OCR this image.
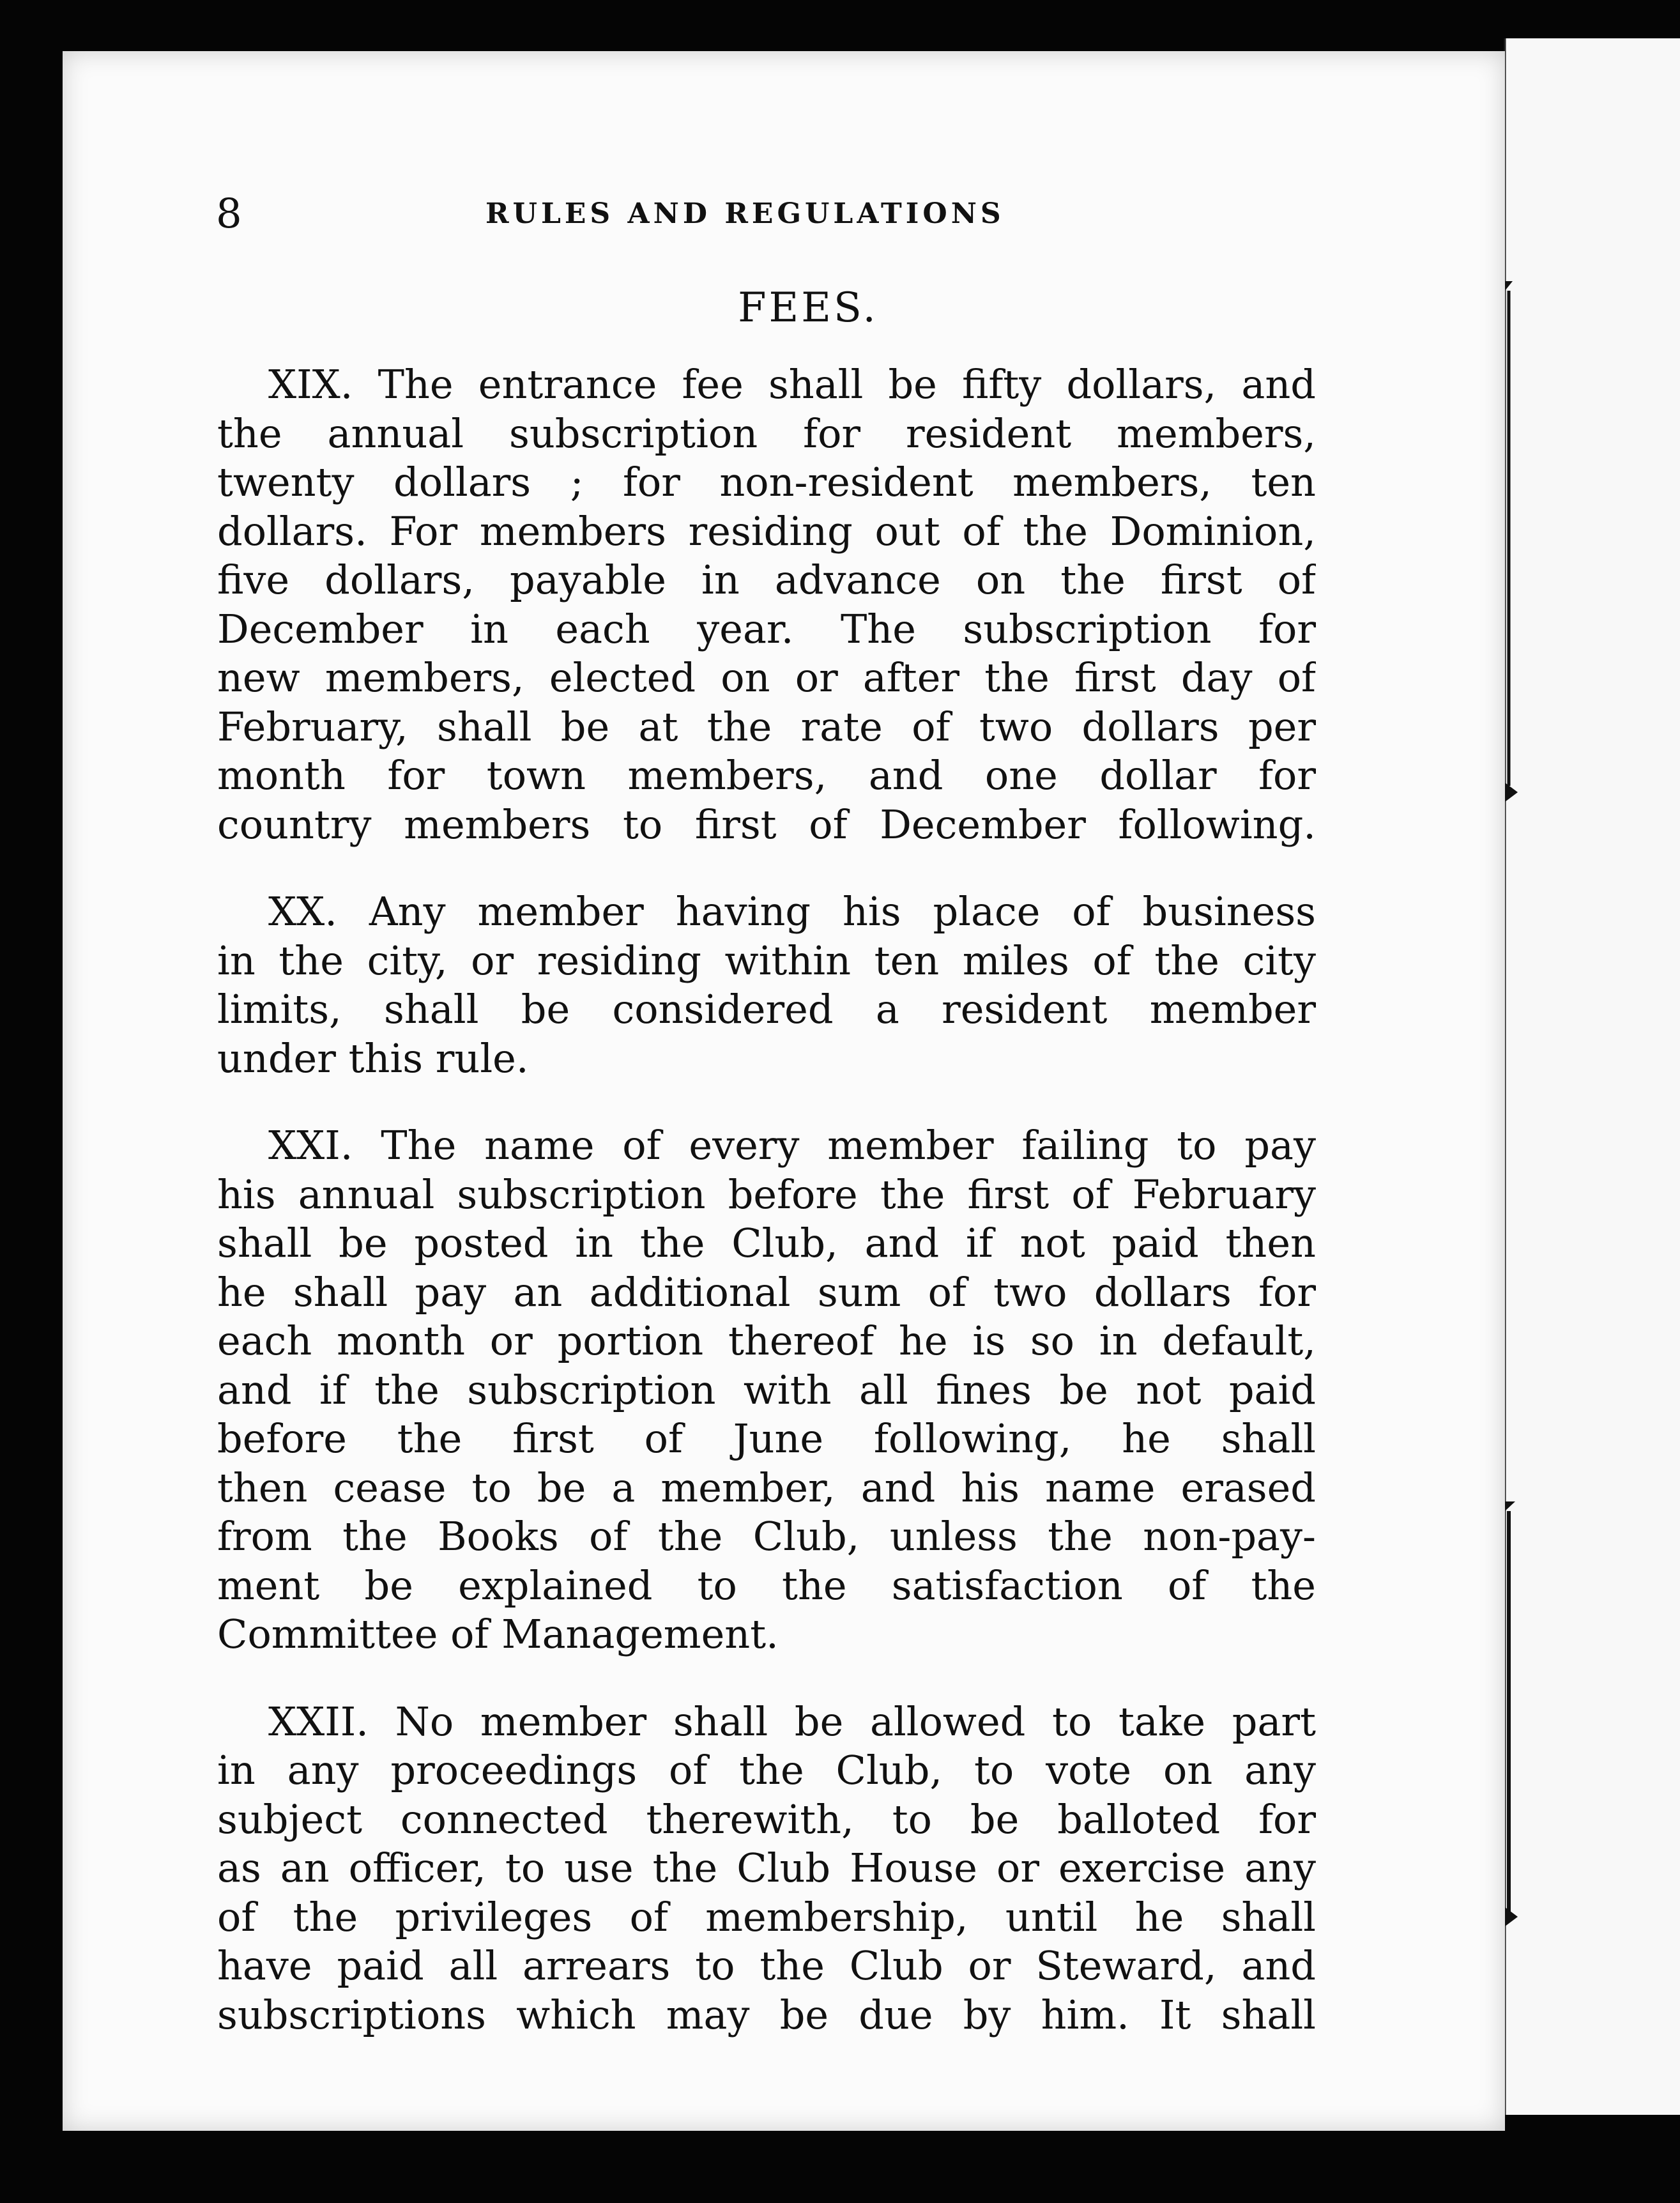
8	RULES AND REGULATIONS
FEES.
XIX. The entrance fee shall be fifty dollars, and
the annual subscription for resident members,
twenty dollars ; for non-resident members, ten
dollars. For members residing out of the Dominion,
five dollars, payable in advance on the first of
December in each year. The subscription for
new members, elected on or after the first day of
February, shall be at the rate of two dollars per
month for town members, and one dollar for
country members to first of December following.
XX. Any member having his place of business
in the city, or residing within ten miles of the city
limits, shall be considered a resident member
under this rule.
XXI. The name of every member failing to pay
his annual subscription before the first of February
shall be posted in the Club, and if not paid then
he shall pay an additional sum of two dollars for
each month or portion thereof he is so in default,
and if the subscription with all fines be not paid
before the first of June following, he shall
then cease to be a member, and his name erased
from the Books of the Club, unless the non-pay-
ment be explained to the satisfaction of the
Committee of Management.
XXII. No member shall be allowed to take part
in any proceedings of the Club, to vote on any
subject connected therewith, to be balloted for
as an officer, to use the Club House or exercise any
of the privileges of membership, until he shall
have paid all arrears to the Club or Steward, and
subscriptions which may be due by him. It shall
